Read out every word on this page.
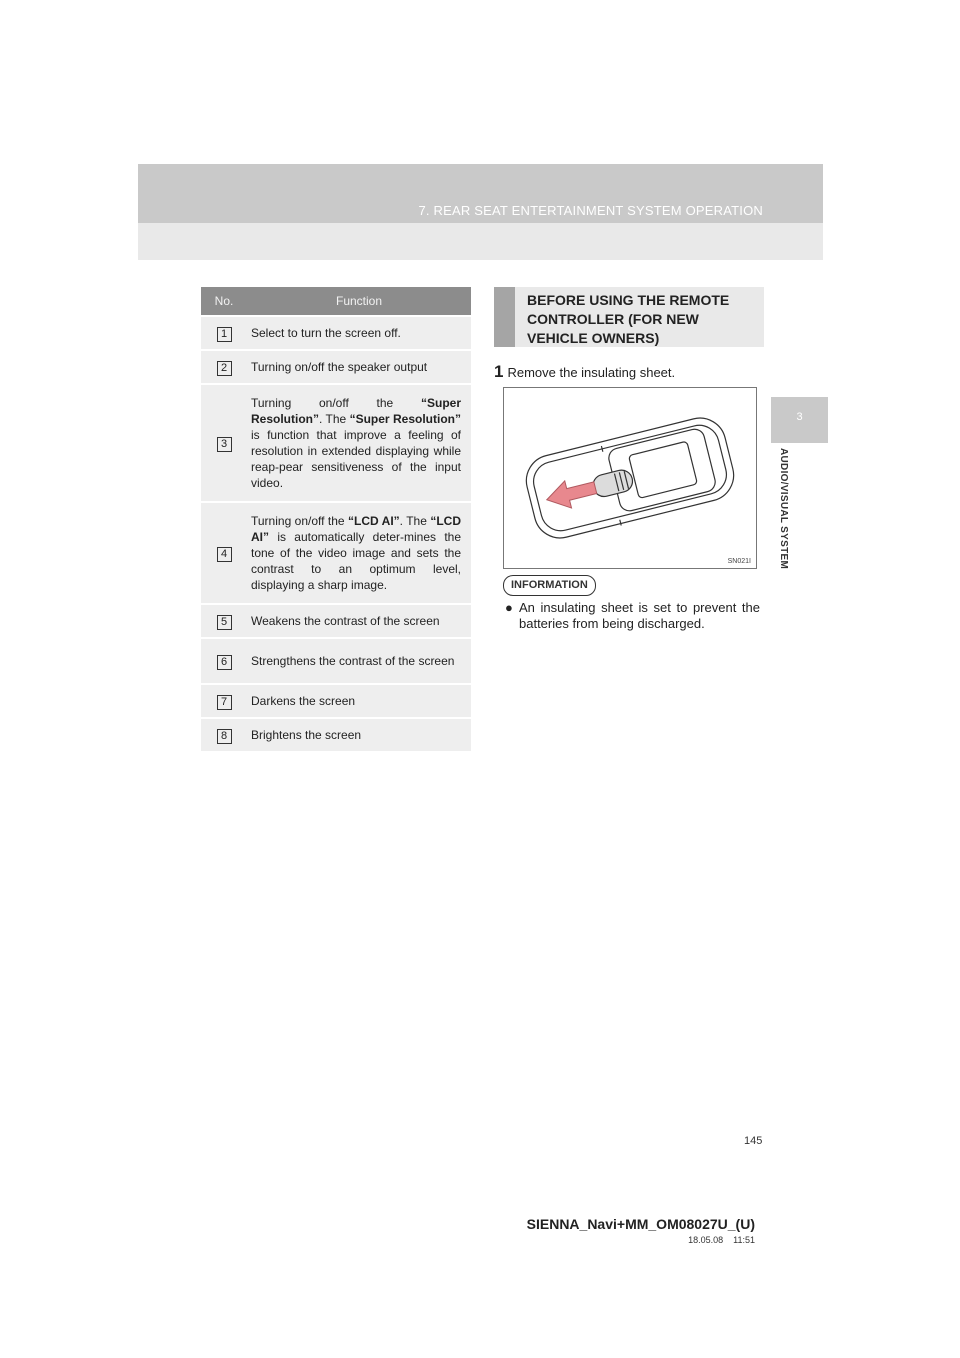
7. REAR SEAT ENTERTAINMENT SYSTEM OPERATION
3
AUDIO/VISUAL SYSTEM
No.	Function
1	Select to turn the screen off.
2	Turning on/off the speaker output
3	Turning on/off the “Super Resolution”. The “Super Resolution” is function that improve a feeling of resolution in extended displaying while reap-pear sensitiveness of the input video.
4	Turning on/off the “LCD AI”. The “LCD AI” is automatically deter-mines the tone of the video image and sets the contrast to an optimum level, displaying a sharp image.
5	Weakens the contrast of the screen
6	Strengthens the contrast of the screen
7	Darkens the screen
8	Brightens the screen
BEFORE USING THE REMOTE CONTROLLER (FOR NEW VEHICLE OWNERS)
1 Remove the insulating sheet.
SN021I
INFORMATION
● An insulating sheet is set to prevent the batteries from being discharged.
145
SIENNA_Navi+MM_OM08027U_(U)
18.05.08 11:51
